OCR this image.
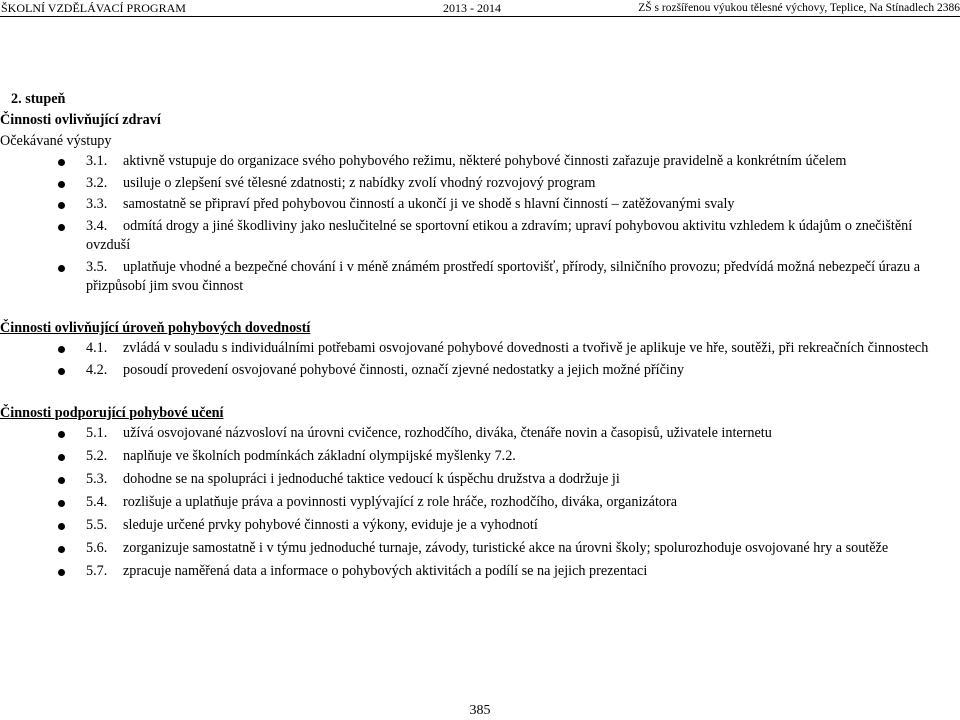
ŠKOLNÍ VZDĚLÁVACÍ PROGRAM	2013 - 2014	ZŠ s rozšířenou výukou tělesné výchovy, Teplice, Na Stínadlech 2386
2. stupeň
Činnosti ovlivňující zdraví
Očekávané výstupy
3.1. aktivně vstupuje do organizace svého pohybového režimu, některé pohybové činnosti zařazuje pravidelně a konkrétním účelem
3.2. usiluje o zlepšení své tělesné zdatnosti; z nabídky zvolí vhodný rozvojový program
3.3. samostatně se připraví před pohybovou činností a ukončí ji ve shodě s hlavní činností – zatěžovanými svaly
3.4. odmítá drogy a jiné škodliviny jako neslučitelné se sportovní etikou a zdravím; upraví pohybovou aktivitu vzhledem k údajům o znečištění ovzduší
3.5. uplatňuje vhodné a bezpečné chování i v méně známém prostředí sportovišť, přírody, silničního provozu; předvídá možná nebezpečí úrazu a přizpůsobí jim svou činnost
Činnosti ovlivňující úroveň pohybových dovedností
4.1. zvládá v souladu s individuálními potřebami osvojované pohybové dovednosti a tvořivě je aplikuje ve hře, soutěži, při rekreačních činnostech
4.2. posoudí provedení osvojované pohybové činnosti, označí zjevné nedostatky a jejich možné příčiny
Činnosti podporující pohybové učení
5.1. užívá osvojované názvosloví na úrovni cvičence, rozhodčího, diváka, čtenáře novin a časopisů, uživatele internetu
5.2. naplňuje ve školních podmínkách základní olympijské myšlenky 7.2.
5.3. dohodne se na spolupráci i jednoduché taktice vedoucí k úspěchu družstva a dodržuje ji
5.4. rozlišuje a uplatňuje práva a povinnosti vyplývající z role hráče, rozhodčího, diváka, organizátora
5.5. sleduje určené prvky pohybové činnosti a výkony, eviduje je a vyhodnotí
5.6. zorganizuje samostatně i v týmu jednoduché turnaje, závody, turistické akce na úrovni školy; spolurozhoduje osvojované hry a soutěže
5.7. zpracuje naměřená data a informace o pohybových aktivitách a podílí se na jejich prezentaci
385
